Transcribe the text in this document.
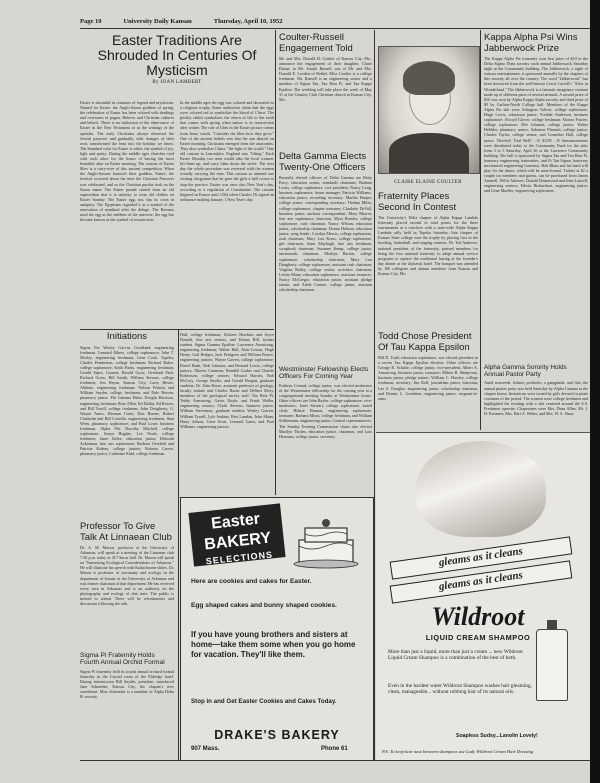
Page 10	University Daily Kansan	Thursday, April 10, 1952
Easter Traditions Are Shrouded In Centuries Of Mysticism
By JOAN LAMBERT

Easter is shrouded in centuries of legend and mysticism. Named for Eastre, the Anglo-Saxon goddess of spring, the celebration of Easter has been colored with shadings and overtones of pagan, Hebrew and Christian cultures and beliefs. There is no indication of the observance of Easter in the New Testament or in the writings of the apostles. The early Christians always observed the Jewish passover and gradually, with changes of their own, transformed the feast into the holiday we know. The Standard color for Easter is white, the symbol of joy, light and purity. During the middle ages churches vied with each other for the honor of having the most beautiful altar on Easter morning. The custom of Easter lilies is a carry-over of this ancient competition. When the Anglo-Saxons honored their goddess, Eastre, the festival occurred about the time the Christian Passover was celebrated, and so the Christian pascha took on the Saxon name. The Easter parade started from an old superstition that it is unlucky to wear old clothes on Easter Sunday. The Easter egg, too, has its roots in antiquity. The Egyptians regarded it as a symbol of the renovation of mankind after the deluge. The Romans used the egg as the emblem of the universe, the egg has become known as the symbol of resurrection.

In the middle ages the egg was colored and decorated as a religious trophy. Some authorities claim that the eggs were colored red to symbolize the blood of Christ. The prickly rabbit symbolizes the return of life to the earth that comes with spring when nature is in resurrection after winter. The role of lilies in the Easter picture comes from Jesus' words, "Consider the lilies how they grow." One of the ancient beliefs was that the sun danced on Easter morning. Christians emerged from the catacombs. They also symbolize Christ, "the light of the world." One old custom in Lancashire, England was "lifting." Each Easter Monday two men would take the local women, lift them up, and carry them down the street. The next day the whole procedure was reversed with the women actually carrying the men. This custom so amused one visiting clergyman that he gave the girls a half crown to stop the practice. Easter was once also New Year's day, according to a regulation of Constantine. The custom lingered in France until 1564 when Charles IX signed an ordinance making January 1 New Year's day.

Initiations

Sigma Nu: Wesley Garvin, Goodland; engineering freshman. Lennard Albers, college sophomore; John T. Morley, engineering freshman; Gene Cook, Topeka; Charles Pemberton, college freshman; Richard Baker, college sophomore; Keith Parks, engineering freshman; Gerald Sipes, Garnett; Harold Crow, Overland Park; Richard Gross, Bill Smith, William Stewart, college freshmen; Jim Bryan, Kansas City; Larry Hester, Abilene, engineering freshman; Nelson Perkins and William Snyder, college freshmen; and Dale Bowen, pharmacy junior. Phi Gamma Delta: Dwight Harrison, engineering freshman; Ross Allen, Ed Dallas, Ed Rosser, and Bill Terrill, college freshmen; John Dougherty, G. Wayne Ames, Herman Gates, Don Hunter, Robert Chisholm and Bill Costello, engineering freshmen; Stan Wren, pharmacy sophomore; and Paul Lowe, business freshman. Alpha Phi: Dorothy Mitchell, college sophomore; Sonya Hughes, Lee Neale, college freshmen; Janet Jaffee, education junior; Deborah Ackerman, fine arts sophomore; Barbara Overholt and Patricia Kidney, college juniors; Roberta Carver, pharmacy junior; Catherine Kidd, college freshman.

Professor To Give Talk At Linnaean Club

Dr. A. M. Mason, professor at the University of Arkansas, will speak at a meeting of the Linnaean club 7:30 p.m. today at 417 Snow hall. Dr. Mason will speak on "Interesting Ecological Considerations of Arkansas." He will illustrate his speech with Kodachrome slides. Dr. Mason is professor of taxonomy and ecology in the department of botany at the University of Arkansas and was former chairman of that department. He has received every area in Arkansas and is an authority on the phytography and ecology of that state. The public is invited to attend. There will be refreshments and discussion following the talk.

Sigma Pi Fraternity Holds Fourth Annual Orchid Formal

Sigma Pi fraternity held its fourth annual orchard formal Saturday in the Crystal room of the Eldridge hotel. During intermission Bill Snyder, president, introduced Jane Schneider, Kansas City, the chapter's new sweetheart. Miss Schneider is a member of Alpha Delta Pi sorority.

Hall, college freshman; Dolores Hawkins and Joyce Donald, fine arts seniors, and Donna Hill, former student. Sigma Gamma Epsilon: Lawrence Armstrong, engineering freshman; Walter Hall, Alan Cowan, Hugh Henry, Gail Hedges, Jack Pettigrew and William Pearce, engineering juniors; Wayne Garrett, college sophomore; Darrel Bush, Neal Johnson; and Bernard Lewis, college juniors; Marvin Cameron, Randall Graber and Charles Robertson, college seniors; Edward Harries, Bob McCray, George Snyder, and Gerald Brogan, graduate students; Dr. John Reese, assistant professor of geology, faculty initiate and Charles Burns and Delbert Mory, members of the geological survey staff. Tau Beta Pi: Teddy Armstrong, Gavin Doyle, and Frank Waller, engineering seniors; Clyde Stevens, business junior; William Stevenson, graduate student; Wesley Garrett, William Tyrrell, Lyle Jenkins, Bert Lamkin, John Mann, Harry Jobson, Gene Scott, Leonard Gates, and Paul Williams, engineering juniors.

Coulter-Russell Engagement Told

Mr. and Mrs. Donald H. Coulter of Kansas City, Mo., announce the engagement of their daughter, Claire Elaine, to Mr. Joseph Russell, son of Mr. and Mrs. Donald E. Loeden of Bethel. Miss Coulter is a college freshman. Mr. Russell is an engineering senior and a member of Sigma Tau, Tau Beta Pi, and Tau Kappa Epsilon. The wedding will take place the week of May 31 at the Country Club Christian church in Kansas City, Mo.

Delta Gamma Elects Twenty-One Officers

Recently elected officers of Delta Gamma are Betty Parry, education senior, standards chairman; Barbara Lewis, college sophomore, vice president; Nancy Craig, business sophomore, house manager; Patricia Williams, education junior, recording secretary. Martha Harper, college senior, corresponding secretary; Thelma Miles, college sophomore, chapter treasurer; Charlotte DeVall, business junior, anchora correspondent; Mary Bhaver, fine arts sophomore, historian; Myra Buesler, college sophomore, rush chairman. Nancy Wilson, education junior, scholarship chairman; Donna Hobson, education junior, song leader; Carolyn Morris, college sophomore, rush chairman; Mary Lou Kress, college sophomore, gift chairman; Anne Mayhugh, fine arts freshman, scrapbook chairman. Suzanne Kemp, college junior, intramurals chairman; Marilyn Barton, college sophomore, scholarship chairman; Mary Lou Dougherty, college sophomore, assistant rush chairman; Virginia Bailey, college senior, activities chairman; Letitia Mann, education sophomore, assistant treasurer; Nancy McGregor, education junior, assistant pledge trainer, and Adele Conner, college junior, assistant scholarship chairman.

Westminster Fellowship Elects Officers For Coming Year

Kathryn Conrad, college junior, was elected moderator of the Westminster fellowship for the coming year at a congregational meeting Sunday at Westminster house. Other officers are John Bayler, college sophomore, vice-moderator; Janet Stewart, college sophomore, stated clerk; Hilarie Hanson, engineering sophomore, treasurer; Barbara Moon, college freshman, and William Schliemann, engineering junior, Council representatives. The Sunday Evening Commission chairs also elected Marilyn Tholen, education junior, chairman, and Lois Herrman, college junior, secretary.

CLAIRE ELAINE COULTER
Fraternity Places Second In Contest

The University's Delta chapter of Alpha Kappa Lambda fraternity placed second in total points for the three tournaments at a conclave with a state-wide Alpha Kappa Lambda rally held in Topeka Saturday. Iota chapter of Kansas State college won the trophy by placing first in the bowling, basketball, and singing contests. Dr. Ted Andrews, national president of the fraternity, praised members for being the first national fraternity to adopt annual service programs to replace the traditional hazing at the founder's day dinner at the Jayhawk hotel. The banquet was attended by 160 collegiate and alumni members from Kansas and Kansas City, Mo.

Todd Chose President Of Tau Kappa Epsilon

Bill D. Todd, education sophomore, was elected president in a recent Tau Kappa Epsilon election. Other officers are George R. Schulte, college junior, vice-president; Albert A. Armstrong, business junior, treasurer; Milton R. Shanyvary, business junior, pledge trainer; William C. Hawley, college freshman, secretary; Jim Kell, journalism junior, historian; Lee S. Douglas, engineering junior, scholarship chairman, and Dennis L. Greenhoe, engineering junior, sergeant-at-arms.

Kappa Alpha Psi Wins Jabberwock Prize

The Kappa Alpha Psi fraternity won first prize of $10 in the Delta Sigma Theta sorority sixth annual Jabberwock Saturday night at the Community building. The Jabberwock, a night of various entertainment, is sponsored annually by the chapters of this sorority all over the country. The word "Jabberwock" has been borrowed from the well-known Lewis Carroll's "Alice in Wonderland." The Jabberwock is a fantastic imaginary creature made up of different parts of several animals. A second prize of $10 was won by Alpha Kappa Alpha sorority and third prize of $5 by Carlton-North College hall. Members of the Kappa Alpha Psi skit were Arlington Toliver, college sophomore; Hugh Lewis, education junior; Freddie Anderson, business sophomore; Alvoyd Glover, college freshman; Alonzo Frazier, college sophomore; Dee Johnson, college junior; Walter Hebbler, pharmacy senior; Salomon Flenault, college junior; Charles Taylor, college senior; and Cornelius Hall, college junior. 'Drafted'; Trial Bell? ...N AGIN ...N Announcements were distributed today to the Community Fund for the skits from 3 to 5 Saturday, April 26 at the Lawrence Community building. The ball is sponsored by Sigma Tau and Tau Beta Pi, honorary engineering fraternities, and Pi Tau Sigma, honorary mechanical engineering fraternity. Bob Bluin and his band will play for the dance, which will be semi-formal. Tickets at $2 a couple for members and guests, can be purchased from James Ammell, Willis Atheorn, Donald Drummond and John Luttrell, engineering seniors; Edwin Richardson, engineering junior; and Gene Mueller, engineering sophomore.

Alpha Gamma Sorority Holds Annual Pastor Party

Amid seaweeds, fishnet, portholes, a gangplank, and fish, the annual pirates party was held Saturday by Alpha Gamma at the chapter house. Invitations were issued by girls dressed in pirate costumes of the period. The women were college freshmen and highlighted the evening with a skit centered around the S.S. Freshmen operette. Chaperones were Mrs. Dean Allen, Mr. J. H. Kreamer, Mrs. Bert A. Weber, and Mrs. W. S. Shaw.

Easter BAKERY
SELECTIONS
Here are cookies and cakes for Easter.
Egg shaped cakes and bunny shaped cookies.
If you have young brothers and sisters at home—take them some when you go home for vacation. They'll like them.
Stop in and Get Easter Cookies and Cakes Today.
DRAKE'S BAKERY
907 Mass.	Phone 61
gleams as it cleans
gleams as it cleans
Wildroot
LIQUID CREAM SHAMPOO
More than just a liquid, more than just a cream ... new Wildroot Liquid Cream Shampoo is a combination of the best of both.
Even in the hardest water Wildroot Shampoo washes hair gleaming, clean, manageable... without robbing hair of its natural oils.
Soapless Sudsy...Lanolin Lovely!
P.S. To keep hair neat between shampoos use Lady Wildroot Cream Hair Dressing
